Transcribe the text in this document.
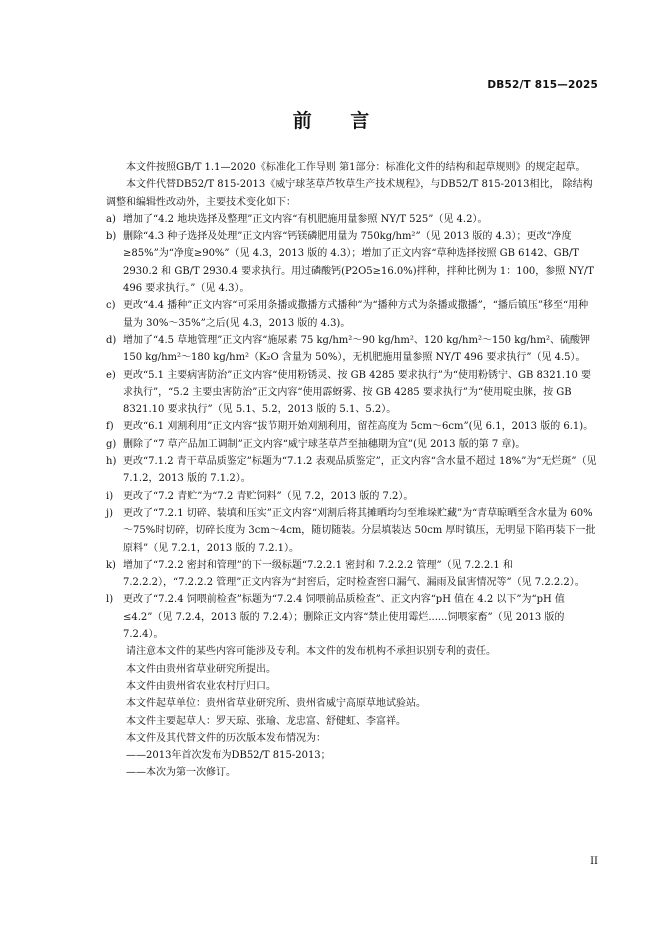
DB52/T 815—2025
前 言

本文件按照GB/T 1.1—2020《标准化工作导则 第1部分：标准化文件的结构和起草规则》的规定起草。

本文件代替DB52/T 815-2013《威宁球茎草芦牧草生产技术规程》，与DB52/T 815-2013相比， 除结构调整和编辑性改动外，主要技术变化如下：

a) 增加了“4.2 地块选择及整理”正文内容“有机肥施用量参照 NY/T 525”（见 4.2）。
b) 删除“4.3 种子选择及处理”正文内容“钙镁磷肥用量为 750kg/hm²”（见 2013 版的 4.3）；更改“净度≥85%”为“净度≥90%”（见 4.3，2013 版的 4.3）；增加了正文内容“草种选择按照 GB 6142、GB/T 2930.2 和 GB/T 2930.4 要求执行。用过磷酸钙(P2O5≥16.0%)拌种，拌种比例为 1：100，参照 NY/T 496 要求执行。”（见 4.3）。
c) 更改“4.4 播种”正文内容“可采用条播或撒播方式播种”为“播种方式为条播或撒播”，“播后镇压”移至“用种量为 30%～35%”之后(见 4.3，2013 版的 4.3)。
d) 增加了“4.5 草地管理”正文内容“施尿素 75 kg/hm²～90 kg/hm²、120 kg/hm²～150 kg/hm²、硫酸钾 150 kg/hm²～180 kg/hm²（K₂O 含量为 50%），无机肥施用量参照 NY/T 496 要求执行”（见 4.5）。
e) 更改“5.1 主要病害防治”正文内容“使用粉锈灵、按 GB 4285 要求执行”为“使用粉锈宁、GB 8321.10 要求执行”，“5.2 主要虫害防治”正文内容“使用霹蚜雾、按 GB 4285 要求执行”为“使用啶虫脒，按 GB 8321.10 要求执行”（见 5.1、5.2，2013 版的 5.1、5.2）。
f) 更改“6.1 刈割利用”正文内容“拔节期开始刈割利用，留茬高度为 5cm～6cm”(见 6.1，2013 版的 6.1)。
g) 删除了“7 草产品加工调制”正文内容“威宁球茎草芦至抽穗期为宜”(见 2013 版的第 7 章)。
h) 更改“7.1.2 青干草品质鉴定”标题为“7.1.2 表观品质鉴定”，正文内容“含水量不超过 18%”为“无烂斑”（见 7.1.2，2013 版的 7.1.2）。
i) 更改了“7.2 青贮”为“7.2 青贮饲料”（见 7.2，2013 版的 7.2）。
j) 更改了“7.2.1 切碎、装填和压实”正文内容“刈割后将其摊晒均匀至堆垛贮藏”为“青草晾晒至含水量为 60%～75%时切碎，切碎长度为 3cm～4cm，随切随装。分层填装达 50cm 厚时镇压，无明显下陷再装下一批原料”（见 7.2.1，2013 版的 7.2.1）。
k) 增加了“7.2.2 密封和管理”的下一级标题“7.2.2.1 密封和 7.2.2.2 管理”（见 7.2.2.1 和 7.2.2.2），“7.2.2.2 管理”正文内容为“封窖后，定时检查窖口漏气、漏雨及鼠害情况等”（见 7.2.2.2）。
l) 更改了“7.2.4 饲喂前检查”标题为“7.2.4 饲喂前品质检查”、正文内容“pH 值在 4.2 以下”为“pH 值≤4.2”（见 7.2.4，2013 版的 7.2.4）；删除正文内容“禁止使用霉烂......饲喂家畜”（见 2013 版的 7.2.4）。

请注意本文件的某些内容可能涉及专利。本文件的发布机构不承担识别专利的责任。

本文件由贵州省草业研究所提出。

本文件由贵州省农业农村厅归口。

本文件起草单位：贵州省草业研究所、贵州省威宁高原草地试验站。

本文件主要起草人：罗天琼、张瑜、龙忠富、舒健虹、李富祥。

本文件及其代替文件的历次版本发布情况为：

——2013年首次发布为DB52/T 815-2013；

——本次为第一次修订。

II
